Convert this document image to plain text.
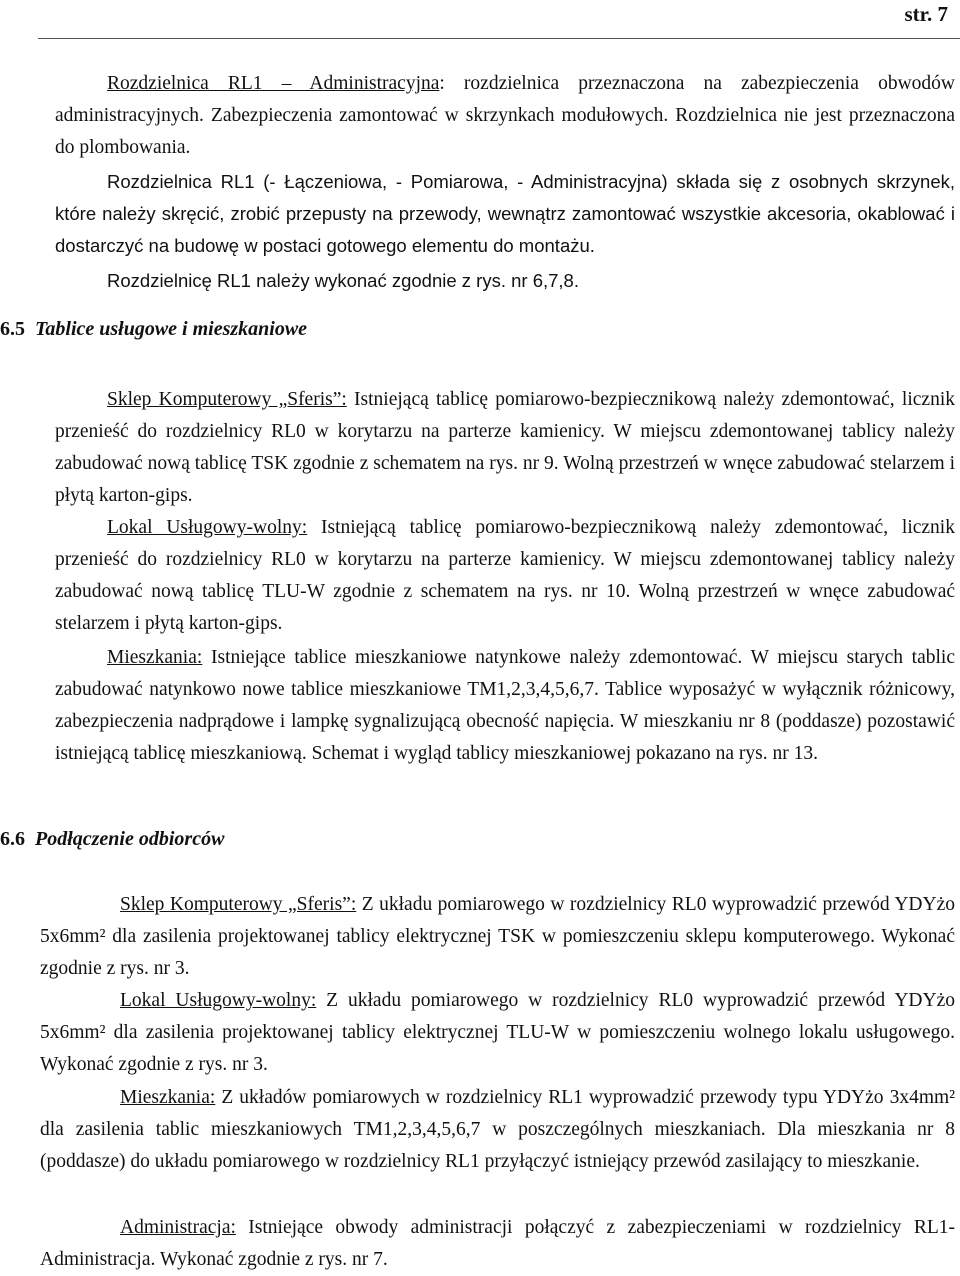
str. 7

Rozdzielnica RL1 – Administracyjna: rozdzielnica przeznaczona na zabezpieczenia obwodów administracyjnych. Zabezpieczenia zamontować w skrzynkach modułowych. Rozdzielnica nie jest przeznaczona do plombowania.

Rozdzielnica RL1 (- Łączeniowa, - Pomiarowa, - Administracyjna) składa się z osobnych skrzynek, które należy skręcić, zrobić przepusty na przewody, wewnątrz zamontować wszystkie akcesoria, okablować i dostarczyć na budowę w postaci gotowego elementu do montażu.

Rozdzielnicę RL1 należy wykonać zgodnie z rys. nr 6,7,8.

6.5 Tablice usługowe i mieszkaniowe

Sklep Komputerowy „Sferis”: Istniejącą tablicę pomiarowo-bezpiecznikową należy zdemontować, licznik przenieść do rozdzielnicy RL0 w korytarzu na parterze kamienicy. W miejscu zdemontowanej tablicy należy zabudować nową tablicę TSK zgodnie z schematem na rys. nr 9. Wolną przestrzeń w wnęce zabudować stelarzem i płytą karton-gips.

Lokal Usługowy-wolny: Istniejącą tablicę pomiarowo-bezpiecznikową należy zdemontować, licznik przenieść do rozdzielnicy RL0 w korytarzu na parterze kamienicy. W miejscu zdemontowanej tablicy należy zabudować nową tablicę TLU-W zgodnie z schematem na rys. nr 10. Wolną przestrzeń w wnęce zabudować stelarzem i płytą karton-gips.

Mieszkania: Istniejące tablice mieszkaniowe natynkowe należy zdemontować. W miejscu starych tablic zabudować natynkowo nowe tablice mieszkaniowe TM1,2,3,4,5,6,7. Tablice wyposażyć w wyłącznik różnicowy, zabezpieczenia nadprądowe i lampkę sygnalizującą obecność napięcia. W mieszkaniu nr 8 (poddasze) pozostawić istniejącą tablicę mieszkaniową. Schemat i wygląd tablicy mieszkaniowej pokazano na rys. nr 13.

6.6 Podłączenie odbiorców

Sklep Komputerowy „Sferis”: Z układu pomiarowego w rozdzielnicy RL0 wyprowadzić przewód YDYżo 5x6mm² dla zasilenia projektowanej tablicy elektrycznej TSK w pomieszczeniu sklepu komputerowego. Wykonać zgodnie z rys. nr 3.

Lokal Usługowy-wolny: Z układu pomiarowego w rozdzielnicy RL0 wyprowadzić przewód YDYżo 5x6mm² dla zasilenia projektowanej tablicy elektrycznej TLU-W w pomieszczeniu wolnego lokalu usługowego. Wykonać zgodnie z rys. nr 3.

Mieszkania: Z układów pomiarowych w rozdzielnicy RL1 wyprowadzić przewody typu YDYżo 3x4mm² dla zasilenia tablic mieszkaniowych TM1,2,3,4,5,6,7 w poszczególnych mieszkaniach. Dla mieszkania nr 8 (poddasze) do układu pomiarowego w rozdzielnicy RL1 przyłączyć istniejący przewód zasilający to mieszkanie.

Administracja: Istniejące obwody administracji połączyć z zabezpieczeniami w rozdzielnicy RL1-Administracja. Wykonać zgodnie z rys. nr 7.
